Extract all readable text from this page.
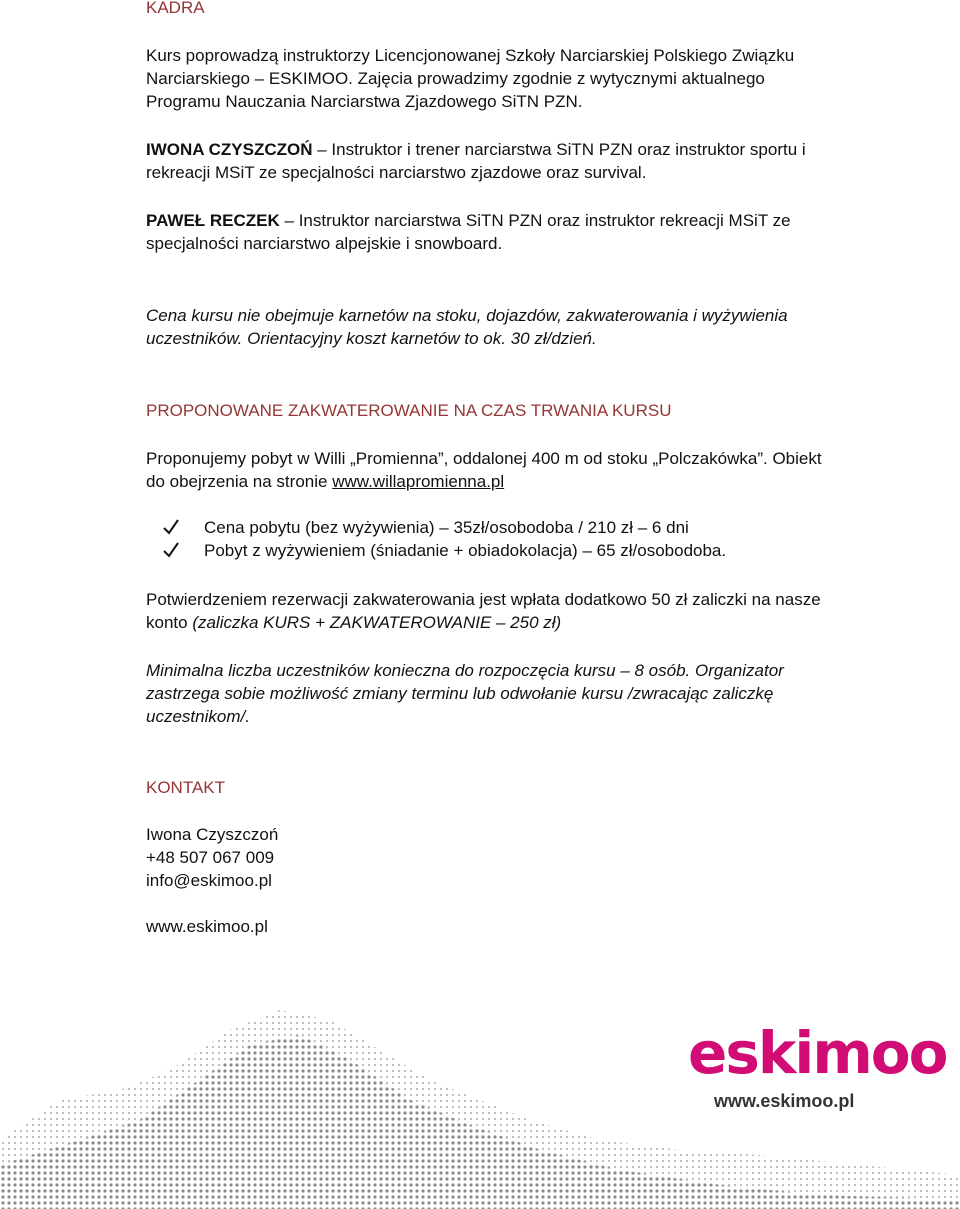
KADRA

Kurs poprowadzą instruktorzy Licencjonowanej Szkoły Narciarskiej Polskiego Związku Narciarskiego – ESKIMOO. Zajęcia prowadzimy zgodnie z wytycznymi aktualnego Programu Nauczania Narciarstwa Zjazdowego SiTN PZN.

IWONA CZYSZCZOŃ – Instruktor i trener narciarstwa SiTN PZN oraz instruktor sportu i rekreacji MSiT ze specjalności narciarstwo zjazdowe oraz survival.

PAWEŁ RECZEK – Instruktor narciarstwa SiTN PZN oraz instruktor rekreacji MSiT ze specjalności narciarstwo alpejskie i snowboard.

Cena kursu nie obejmuje karnetów na stoku, dojazdów, zakwaterowania i wyżywienia uczestników. Orientacyjny koszt karnetów to ok. 30 zł/dzień.

PROPONOWANE ZAKWATEROWANIE NA CZAS TRWANIA KURSU

Proponujemy pobyt w Willi „Promienna”, oddalonej 400 m od stoku „Polczakówka”. Obiekt do obejrzenia na stronie www.willapromienna.pl

Cena pobytu (bez wyżywienia) – 35zł/osobodoba / 210 zł – 6 dni
Pobyt z wyżywieniem (śniadanie + obiadokolacja) – 65 zł/osobodoba.

Potwierdzeniem rezerwacji zakwaterowania jest wpłata dodatkowo 50 zł zaliczki na nasze konto (zaliczka KURS + ZAKWATEROWANIE – 250 zł)

Minimalna liczba uczestników konieczna do rozpoczęcia kursu – 8 osób. Organizator zastrzega sobie możliwość zmiany terminu lub odwołanie kursu /zwracając zaliczkę uczestnikom/.

KONTAKT
Iwona Czyszczoń
+48 507 067 009
info@eskimoo.pl
www.eskimoo.pl
eskimoo
www.eskimoo.pl
